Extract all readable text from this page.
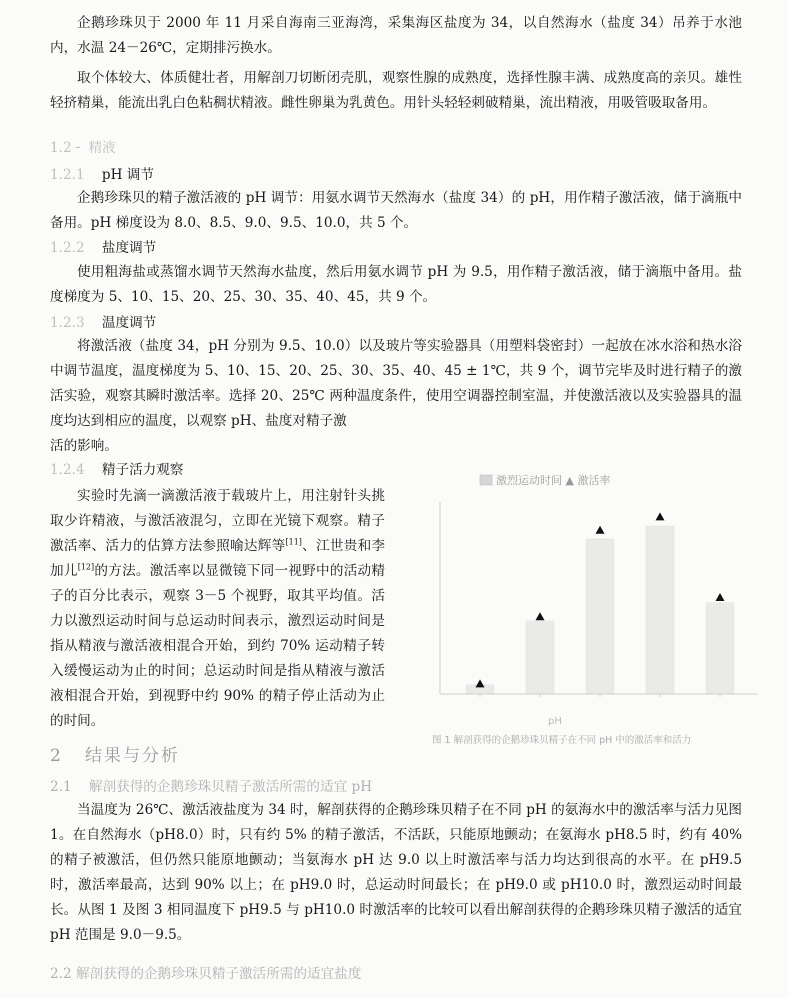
企鹅珍珠贝于 2000 年 11 月采自海南三亚海湾，采集海区盐度为 34，以自然海水（盐度 34）吊养于水池内，水温 24－26℃，定期排污换水。

取个体较大、体质健壮者，用解剖刀切断闭壳肌，观察性腺的成熟度，选择性腺丰满、成熟度高的亲贝。雄性轻挤精巢，能流出乳白色粘稠状精液。雌性卵巢为乳黄色。用针头轻轻刺破精巢，流出精液，用吸管吸取备用。

1.2 ╴ 精液

1.2.1 pH 调节

企鹅珍珠贝的精子激活液的 pH 调节：用氨水调节天然海水（盐度 34）的 pH，用作精子激活液，储于滴瓶中备用。pH 梯度设为 8.0、8.5、9.0、9.5、10.0，共 5 个。

1.2.2 盐度调节

使用粗海盐或蒸馏水调节天然海水盐度，然后用氨水调节 pH 为 9.5，用作精子激活液，储于滴瓶中备用。盐度梯度为 5、10、15、20、25、30、35、40、45，共 9 个。

1.2.3 温度调节

将激活液（盐度 34，pH 分别为 9.5、10.0）以及玻片等实验器具（用塑料袋密封）一起放在冰水浴和热水浴中调节温度，温度梯度为 5、10、15、20、25、30、35、40、45 ± 1℃，共 9 个，调节完毕及时进行精子的激活实验，观察其瞬时激活率。选择 20、25℃ 两种温度条件，使用空调器控制室温，并使激活液以及实验器具的温度均达到相应的温度，以观察 pH、盐度对精子激

活的影响。

1.2.4 精子活力观察

实验时先滴一滴激活液于载玻片上，用注射针头挑取少许精液，与激活液混匀，立即在光镜下观察。精子激活率、活力的估算方法参照喻达辉等[11]、江世贵和李加儿[12]的方法。激活率以显微镜下同一视野中的活动精子的百分比表示，观察 3－5 个视野，取其平均值。活力以激烈运动时间与总运动时间表示，激烈运动时间是指从精液与激活液相混合开始，到约 70% 运动精子转入缓慢运动为止的时间；总运动时间是指从精液与激活液相混合开始，到视野中约 90% 的精子停止活动为止的时间。

激烈运动时间 ▲ 激活率
pH
图 1 解剖获得的企鹅珍珠贝精子在不同 pH 中的激活率和活力

2 结果与分析

2.1 解剖获得的企鹅珍珠贝精子激活所需的适宜 pH

当温度为 26℃、激活液盐度为 34 时，解剖获得的企鹅珍珠贝精子在不同 pH 的氨海水中的激活率与活力见图 1。在自然海水（pH8.0）时，只有约 5% 的精子激活，不活跃，只能原地颤动；在氨海水 pH8.5 时，约有 40% 的精子被激活，但仍然只能原地颤动；当氨海水 pH 达 9.0 以上时激活率与活力均达到很高的水平。在 pH9.5 时，激活率最高，达到 90% 以上；在 pH9.0 时，总运动时间最长；在 pH9.0 或 pH10.0 时，激烈运动时间最长。从图 1 及图 3 相同温度下 pH9.5 与 pH10.0 时激活率的比较可以看出解剖获得的企鹅珍珠贝精子激活的适宜 pH 范围是 9.0－9.5。

2.2 解剖获得的企鹅珍珠贝精子激活所需的适宜盐度
